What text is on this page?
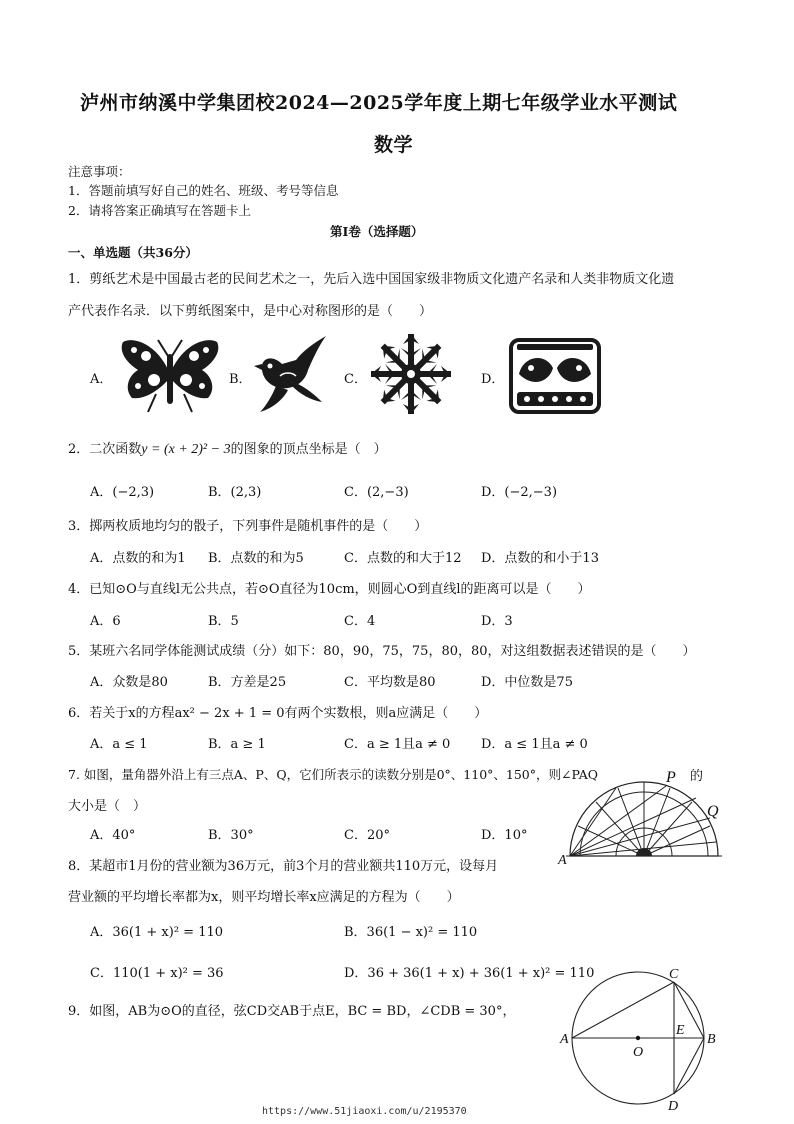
泸州市纳溪中学集团校2024—2025学年度上期七年级学业水平测试
数学
注意事项：
1．答题前填写好自己的姓名、班级、考号等信息
2．请将答案正确填写在答题卡上
第Ⅰ卷（选择题）
一、单选题（共36分）
1．剪纸艺术是中国最古老的民间艺术之一，先后入选中国国家级非物质文化遗产名录和人类非物质文化遗
产代表作名录．以下剪纸图案中，是中心对称图形的是（　　）
A．	B．	C．	D．
2．二次函数y = (x + 2)² − 3的图象的顶点坐标是（　）
A．(−2,3)	B．(2,3)	C．(2,−3)	D．(−2,−3)
3．掷两枚质地均匀的骰子，下列事件是随机事件的是（　　）
A．点数的和为1 B．点数的和为5	C．点数的和大于12 D．点数的和小于13
4．已知⊙O与直线l无公共点，若⊙O直径为10cm，则圆心O到直线l的距离可以是（　　）
A．6	B．5	C．4	D．3
5．某班六名同学体能测试成绩（分）如下：80，90，75，75，80，80，对这组数据表述错误的是（　　）
A．众数是80	B．方差是25	C．平均数是80	D．中位数是75
6．若关于x的方程ax² − 2x + 1 = 0有两个实数根，则a应满足（　　）
A．a ≤ 1	B．a ≥ 1	C．a ≥ 1且a ≠ 0 D．a ≤ 1且a ≠ 0
7. 如图，量角器外沿上有三点A、P、Q，它们所表示的读数分别是0°、110°、150°，则∠PAQ	的
大小是（　）
A．40°	B．30°	C．20°	D．10°
A
P
Q
8．某超市1月份的营业额为36万元，前3个月的营业额共110万元，设每月
营业额的平均增长率都为x，则平均增长率x应满足的方程为（　　）
A．36(1 + x)² = 110	B．36(1 − x)² = 110
C．110(1 + x)² = 36	D．36 + 36(1 + x) + 36(1 + x)² = 110
9．如图，AB为⊙O的直径，弦CD交AB于点E，BC = BD，∠CDB = 30°，
A	B
C
D
E
O
https://www.51jiaoxi.com/u/2195370
